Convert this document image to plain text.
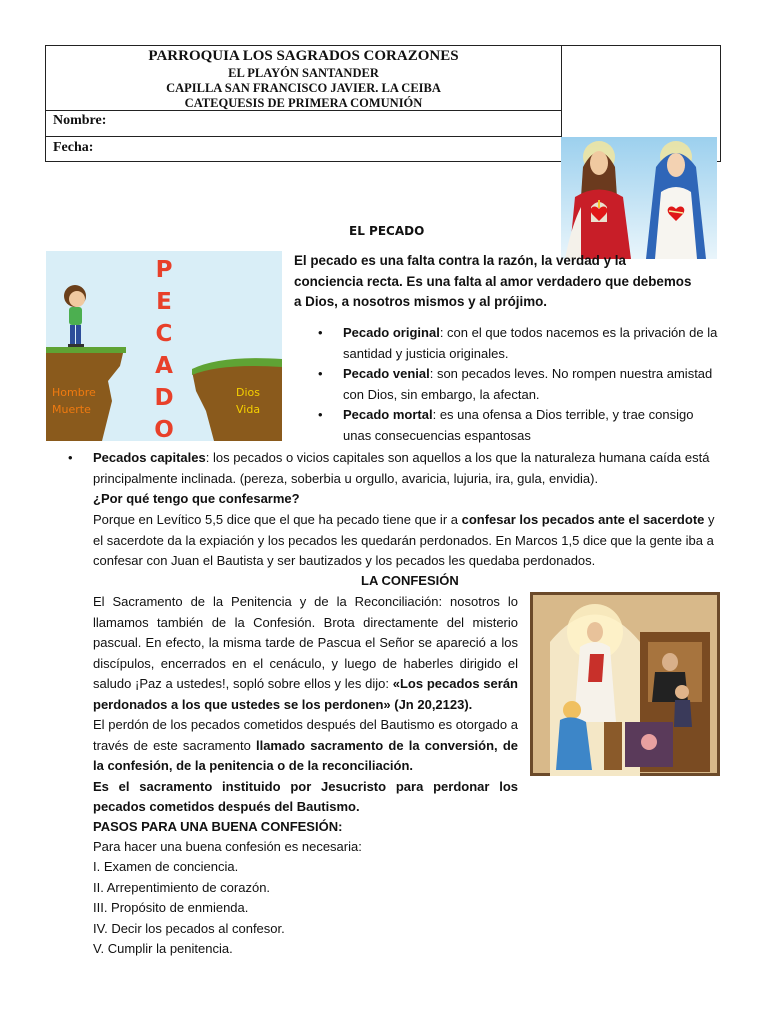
PARROQUIA LOS SAGRADOS CORAZONES
EL PLAYÓN SANTANDER
CAPILLA SAN FRANCISCO JAVIER. LA CEIBA
CATEQUESIS DE PRIMERA COMUNIÓN
Nombre:
Fecha:
EL PECADO
P
E
C
A
D
O
Hombre
Muerte
Dios
Vida
El pecado es una falta contra la razón, la verdad y la conciencia recta. Es una falta al amor verdadero que debemos a Dios, a nosotros mismos y al prójimo.
• Pecado original: con el que todos nacemos es la privación de la santidad y justicia originales.
• Pecado venial: son pecados leves. No rompen nuestra amistad con Dios, sin embargo, la afectan.
• Pecado mortal: es una ofensa a Dios terrible, y trae consigo unas consecuencias espantosas
• Pecados capitales: los pecados o vicios capitales son aquellos a los que la naturaleza humana caída está principalmente inclinada. (pereza, soberbia u orgullo, avaricia, lujuria, ira, gula, envidia).
¿Por qué tengo que confesarme?
Porque en Levítico 5,5 dice que el que ha pecado tiene que ir a confesar los pecados ante el sacerdote y el sacerdote da la expiación y los pecados les quedarán perdonados. En Marcos 1,5 dice que la gente iba a confesar con Juan el Bautista y ser bautizados y los pecados les quedaba perdonados.
LA CONFESIÓN
El Sacramento de la Penitencia y de la Reconciliación: nosotros lo llamamos también de la Confesión. Brota directamente del misterio pascual. En efecto, la misma tarde de Pascua el Señor se apareció a los discípulos, encerrados en el cenáculo, y luego de haberles dirigido el saludo ¡Paz a ustedes!, sopló sobre ellos y les dijo: «Los pecados serán perdonados a los que ustedes se los perdonen» (Jn 20,2123).
El perdón de los pecados cometidos después del Bautismo es otorgado a través de este sacramento llamado sacramento de la conversión, de la confesión, de la penitencia o de la reconciliación.
Es el sacramento instituido por Jesucristo para perdonar los pecados cometidos después del Bautismo.
PASOS PARA UNA BUENA CONFESIÓN:
Para hacer una buena confesión es necesaria:
I. Examen de conciencia.
II. Arrepentimiento de corazón.
III. Propósito de enmienda.
IV. Decir los pecados al confesor.
V. Cumplir la penitencia.
